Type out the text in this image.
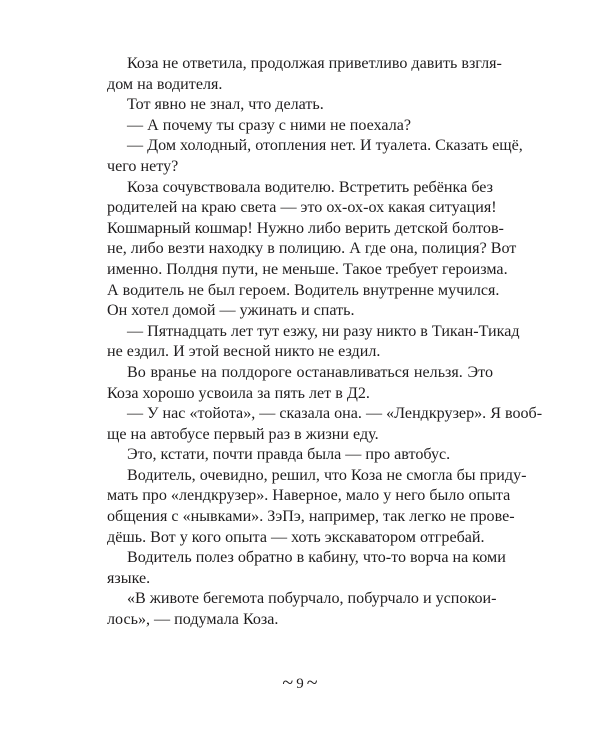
Коза не ответила, продолжая приветливо давить взгля-
дом на водителя.
Тот явно не знал, что делать.
— А почему ты сразу с ними не поехала?
— Дом холодный, отопления нет. И туалета. Сказать ещё,
чего нету?
Коза сочувствовала водителю. Встретить ребёнка без
родителей на краю света — это ох-ох-ох какая ситуация!
Кошмарный кошмар! Нужно либо верить детской болтов-
не, либо везти находку в полицию. А где она, полиция? Вот
именно. Полдня пути, не меньше. Такое требует героизма.
А водитель не был героем. Водитель внутренне мучился.
Он хотел домой — ужинать и спать.
— Пятнадцать лет тут езжу, ни разу никто в Тикан-Тикад
не ездил. И этой весной никто не ездил.
Во вранье на полдороге останавливаться нельзя. Это
Коза хорошо усвоила за пять лет в Д2.
— У нас «тойота», — сказала она. — «Лендкрузер». Я вооб-
ще на автобусе первый раз в жизни еду.
Это, кстати, почти правда была — про автобус.
Водитель, очевидно, решил, что Коза не смогла бы приду-
мать про «лендкрузер». Наверное, мало у него было опыта
общения с «нывками». ЗэПэ, например, так легко не прове-
дёшь. Вот у кого опыта — хоть экскаватором отгребай.
Водитель полез обратно в кабину, что-то ворча на коми
языке.
«В животе бегемота побурчало, побурчало и успокои-
лось», — подумала Коза.
~ 9 ~
